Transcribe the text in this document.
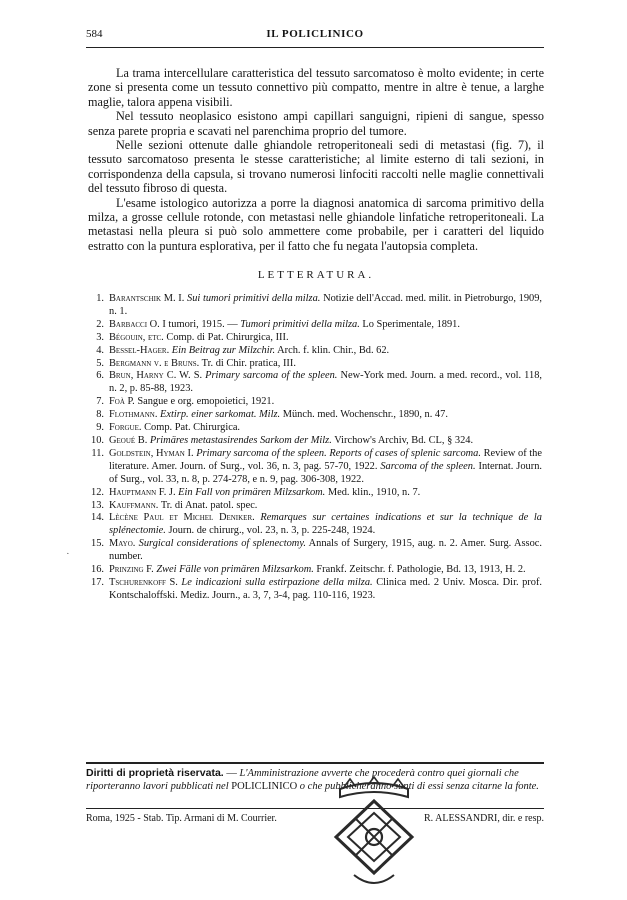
584	IL POLICLINICO

La trama intercellulare caratteristica del tessuto sarcomatoso è molto evidente; in certe zone si presenta come un tessuto connettivo più compatto, mentre in altre è tenue, a larghe maglie, talora appena visibili.

Nel tessuto neoplasico esistono ampi capillari sanguigni, ripieni di sangue, spesso senza parete propria e scavati nel parenchima proprio del tumore.

Nelle sezioni ottenute dalle ghiandole retroperitoneali sedi di metastasi (fig. 7), il tessuto sarcomatoso presenta le stesse caratteristiche; al limite esterno di tali sezioni, in corrispondenza della capsula, si trovano numerosi linfociti raccolti nelle maglie connettivali del tessuto fibroso di questa.

L'esame istologico autorizza a porre la diagnosi anatomica di sarcoma primitivo della milza, a grosse cellule rotonde, con metastasi nelle ghiandole linfatiche retroperitoneali. La metastasi nella pleura si può solo ammettere come probabile, per i caratteri del liquido estratto con la puntura esplorativa, per il fatto che fu negata l'autopsia completa.

LETTERATURA.
1. Barantschik M. I. Sui tumori primitivi della milza. Notizie dell'Accad. med. milit. in Pietroburgo, 1909, n. 1.
2. Barbacci O. I tumori, 1915. — Tumori primitivi della milza. Lo Sperimentale, 1891.
3. Bégouin, etc. Comp. di Pat. Chirurgica, III.
4. Bessel-Hager. Ein Beitrag zur Milzchir. Arch. f. klin. Chir., Bd. 62.
5. Bergmann v. e Bruns. Tr. di Chir. pratica, III.
6. Brun, Harny C. W. S. Primary sarcoma of the spleen. New-York med. Journ. a med. record., vol. 118, n. 2, p. 85-88, 1923.
7. Foà P. Sangue e org. emopoietici, 1921.
8. Flothmann. Extirp. einer sarkomat. Milz. Münch. med. Wochenschr., 1890, n. 47.
9. Forgue. Comp. Pat. Chirurgica.
10. Geoué B. Primäres metastasirendes Sarkom der Milz. Virchow's Archiv, Bd. CL, § 324.
11. Goldstein, Hyman I. Primary sarcoma of the spleen. Reports of cases of splenic sarcoma. Review of the literature. Amer. Journ. of Surg., vol. 36, n. 3, pag. 57-70, 1922. Sarcoma of the spleen. Internat. Journ. of Surg., vol. 33, n. 8, p. 274-278, e n. 9, pag. 306-308, 1922.
12. Hauptmann F. J. Ein Fall von primären Milzsarkom. Med. klin., 1910, n. 7.
13. Kauffmann. Tr. di Anat. patol. spec.
14. Lècène Paul et Michel Deniker. Remarques sur certaines indications et sur la technique de la splénectomie. Journ. de chirurg., vol. 23, n. 3, p. 225-248, 1924.
15. Mayo. Surgical considerations of splenectomy. Annals of Surgery, 1915, aug. n. 2. Amer. Surg. Assoc. number.
16. Prinzing F. Zwei Fälle von primären Milzsarkom. Frankf. Zeitschr. f. Pathologie, Bd. 13, 1913, H. 2.
17. Tschurenkoff S. Le indicazioni sulla estirpazione della milza. Clinica med. 2 Univ. Mosca. Dir. prof. Kontschaloffski. Mediz. Journ., a. 3, 7, 3-4, pag. 110-116, 1923.
˙
Diritti di proprietà riservata. — L'Amministrazione avverte che procederà contro quei giornali che riporteranno lavori pubblicati nel POLICLINICO o che pubblicheranno sunti di essi senza citarne la fonte.
Roma, 1925 - Stab. Tip. Armani di M. Courrier.	R. ALESSANDRI, dir. e resp.
